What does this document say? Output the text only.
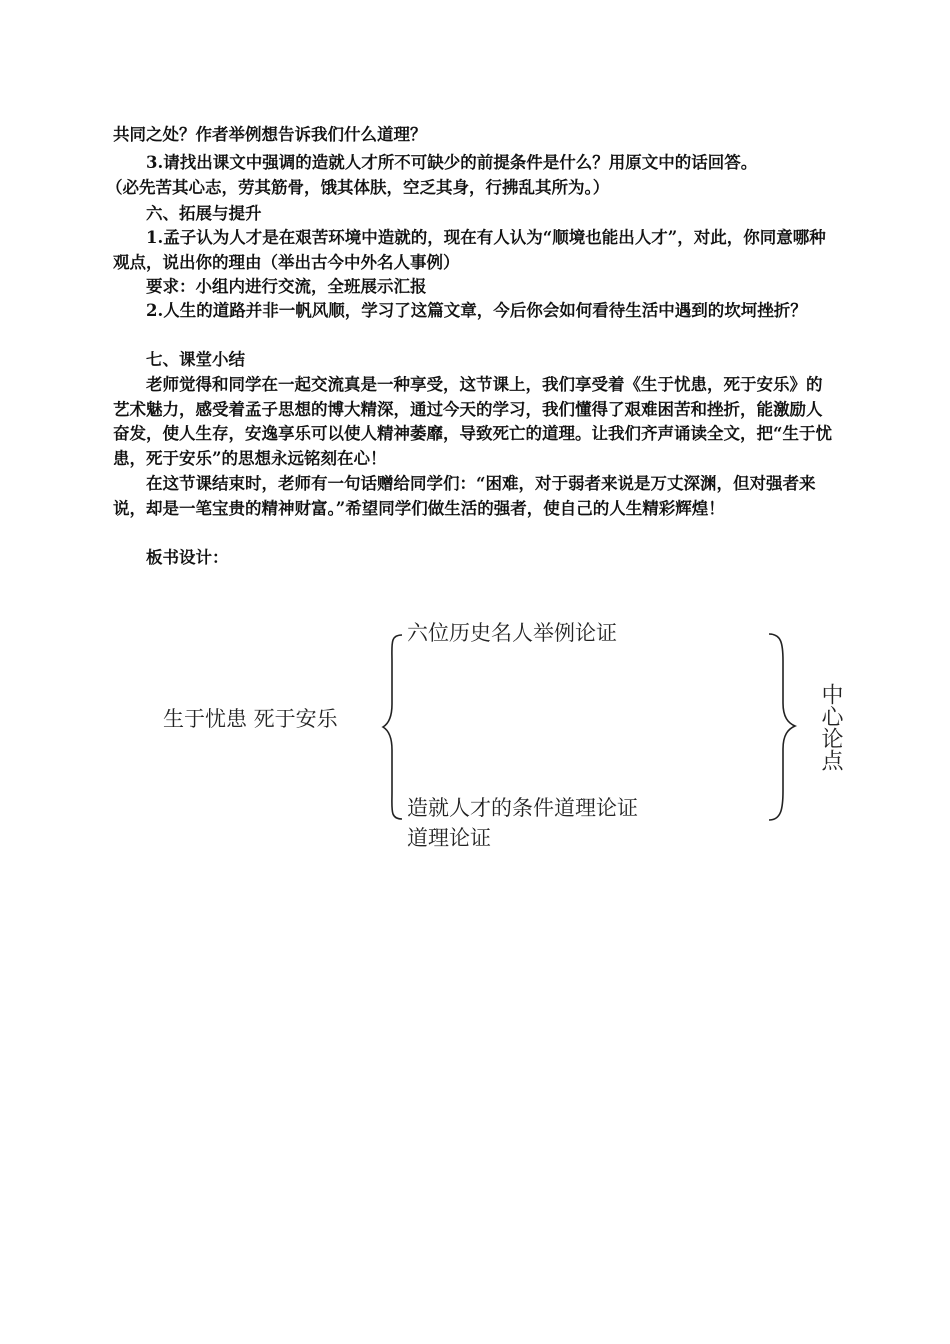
共同之处？作者举例想告诉我们什么道理？

3.请找出课文中强调的造就人才所不可缺少的前提条件是什么？用原文中的话回答。

（必先苦其心志，劳其筋骨，饿其体肤，空乏其身，行拂乱其所为。）

六、拓展与提升

1.孟子认为人才是在艰苦环境中造就的，现在有人认为“顺境也能出人才”，对此，你同意哪种观点，说出你的理由（举出古今中外名人事例）

要求：小组内进行交流，全班展示汇报

2.人生的道路并非一帆风顺，学习了这篇文章，今后你会如何看待生活中遇到的坎坷挫折？

七、课堂小结

老师觉得和同学在一起交流真是一种享受，这节课上，我们享受着《生于忧患，死于安乐》的艺术魅力，感受着孟子思想的博大精深，通过今天的学习，我们懂得了艰难困苦和挫折，能激励人奋发，使人生存，安逸享乐可以使人精神萎靡，导致死亡的道理。让我们齐声诵读全文，把“生于忧患，死于安乐”的思想永远铭刻在心！

在这节课结束时，老师有一句话赠给同学们：“困难，对于弱者来说是万丈深渊，但对强者来说，却是一笔宝贵的精神财富。”希望同学们做生活的强者，使自己的人生精彩辉煌！

板书设计：

生于忧患 死于安乐
六位历史名人举例论证
造就人才的条件道理论证
道理论证
中心论点
